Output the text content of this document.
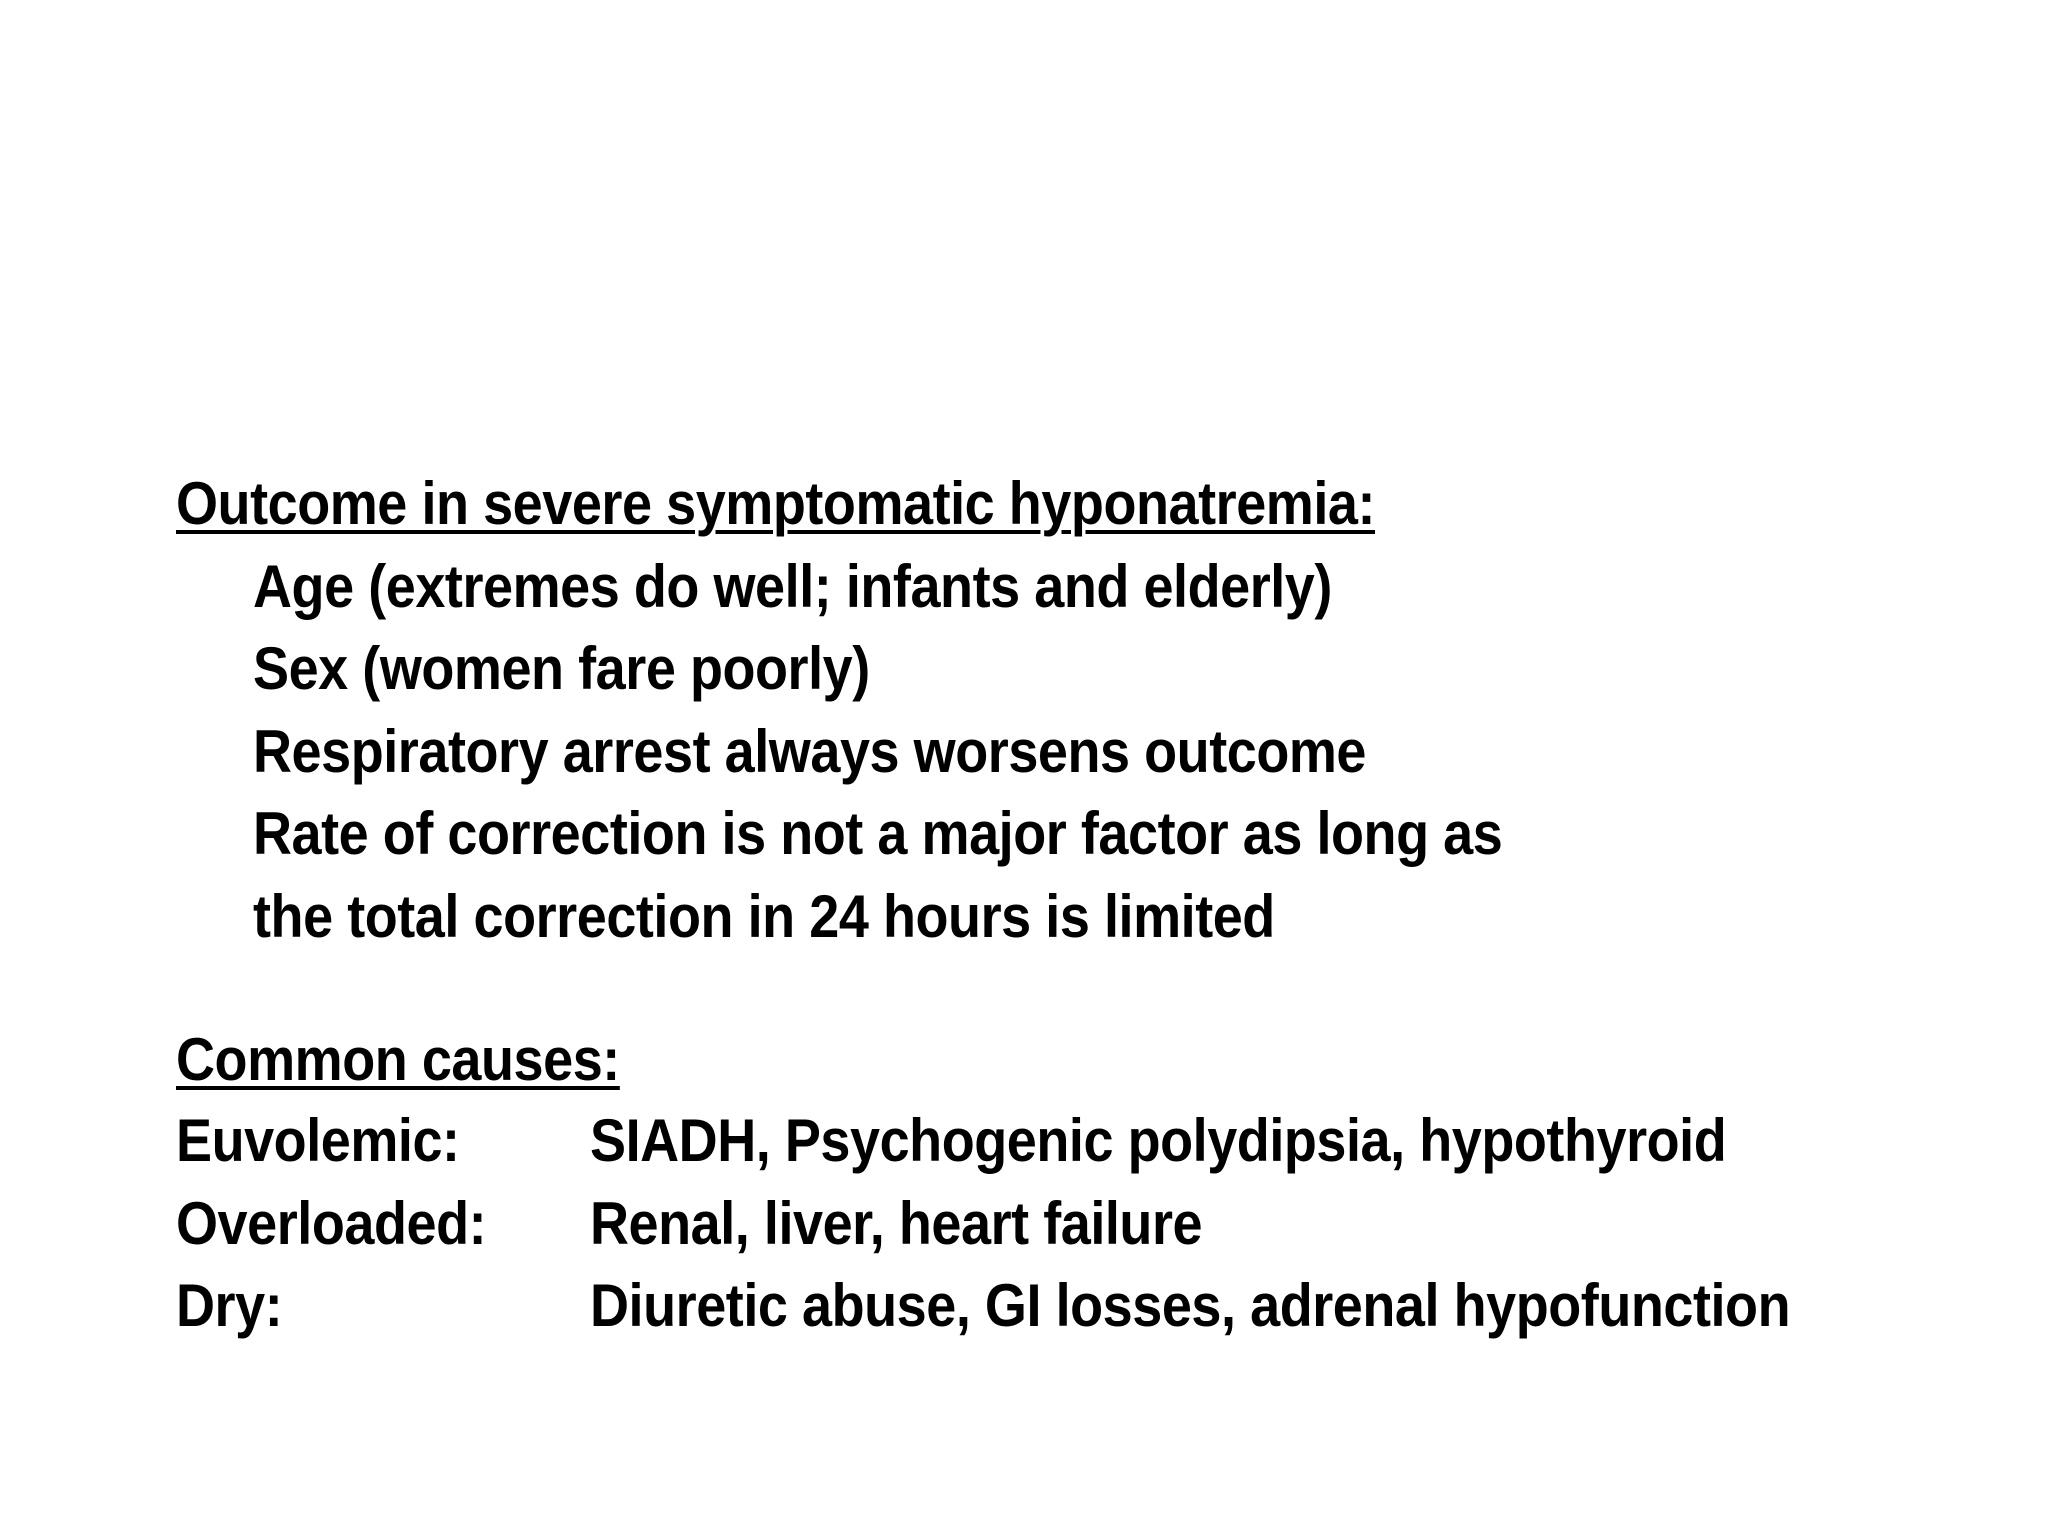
Outcome in severe symptomatic hyponatremia:
Age (extremes do well; infants and elderly)
Sex (women fare poorly)
Respiratory arrest always worsens outcome
Rate of correction is not a major factor as long as
the total correction in 24 hours is limited
Common causes:
Euvolemic: SIADH, Psychogenic polydipsia, hypothyroid
Overloaded: Renal, liver, heart failure
Dry:	Diuretic abuse, GI losses, adrenal hypofunction
